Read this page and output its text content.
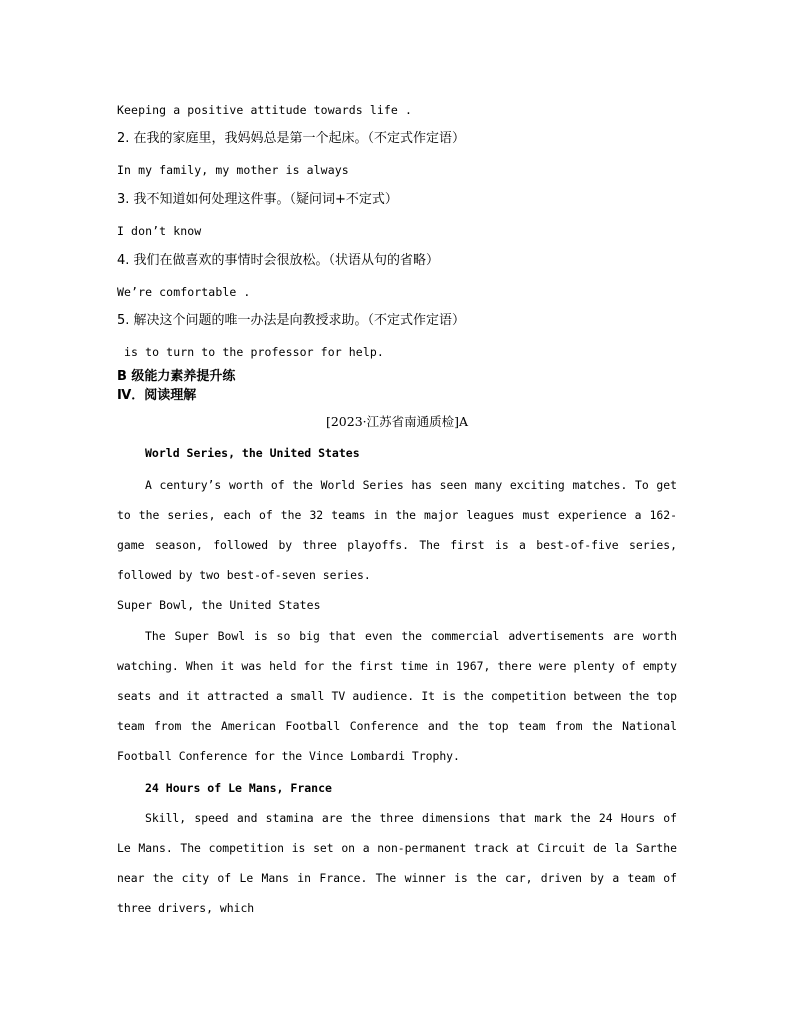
Keeping a positive attitude towards life .
2. 在我的家庭里，我妈妈总是第一个起床。（不定式作定语）
In my family, my mother is always
3. 我不知道如何处理这件事。（疑问词+不定式）
I don’t know
4. 我们在做喜欢的事情时会很放松。（状语从句的省略）
We’re comfortable .
5. 解决这个问题的唯一办法是向教授求助。（不定式作定语）
is to turn to the professor for help.
B 级能力素养提升练
Ⅳ．阅读理解
[2023·江苏省南通质检]A
World Series, the United States

A century’s worth of the World Series has seen many exciting matches. To get to the series, each of the 32 teams in the major leagues must experience a 162-game season, followed by three playoffs. The first is a best-of-five series, followed by two best-of-seven series.

Super Bowl, the United States

The Super Bowl is so big that even the commercial advertisements are worth watching. When it was held for the first time in 1967, there were plenty of empty seats and it attracted a small TV audience. It is the competition between the top team from the American Football Conference and the top team from the National Football Conference for the Vince Lombardi Trophy.

24 Hours of Le Mans, France

Skill, speed and stamina are the three dimensions that mark the 24 Hours of Le Mans. The competition is set on a non-permanent track at Circuit de la Sarthe near the city of Le Mans in France. The winner is the car, driven by a team of three drivers, which
